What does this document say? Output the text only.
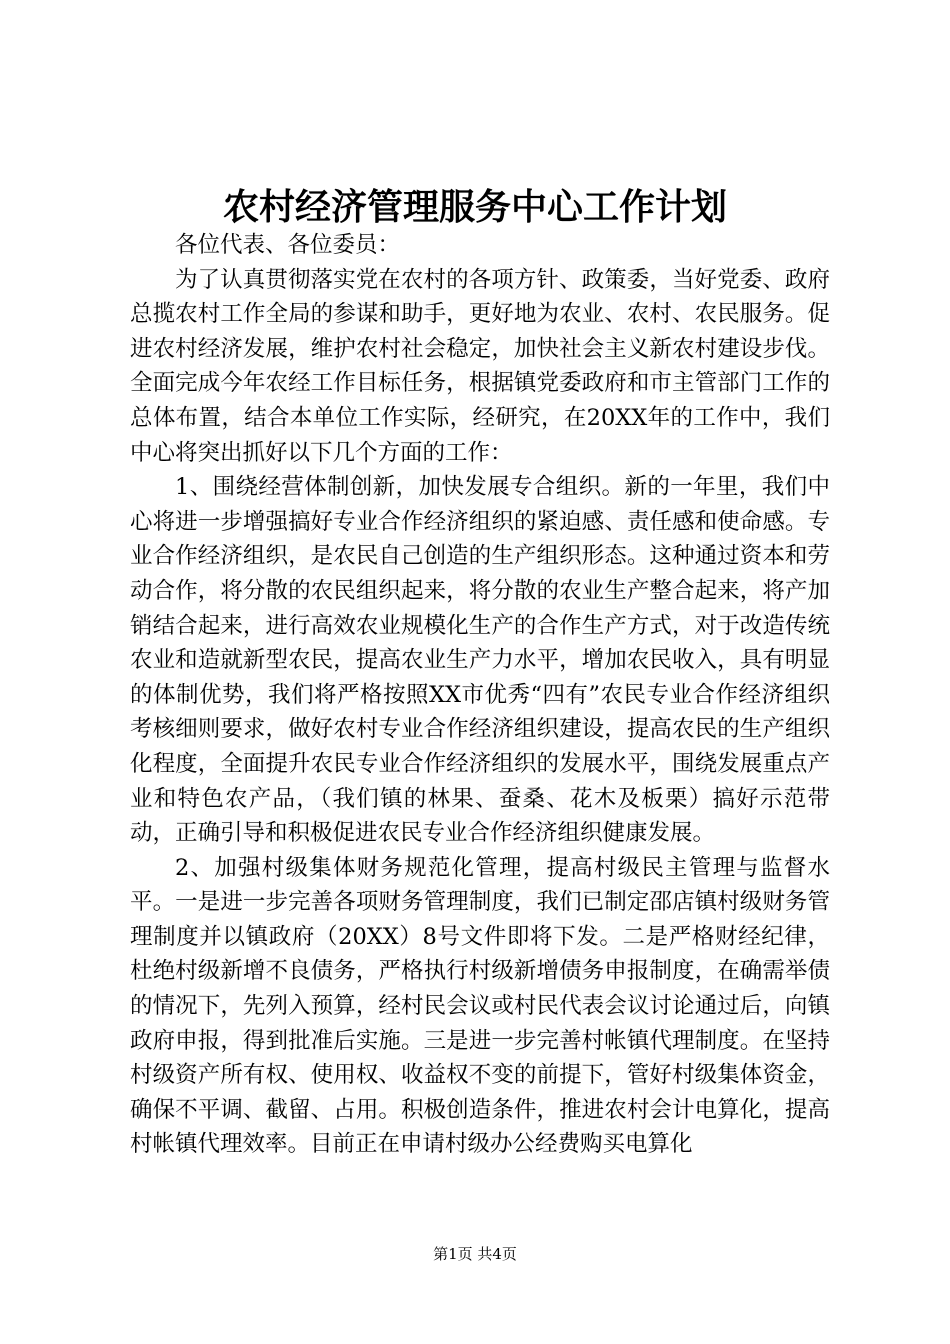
农村经济管理服务中心工作计划

各位代表、各位委员：

为了认真贯彻落实党在农村的各项方针、政策委，当好党委、政府总揽农村工作全局的参谋和助手，更好地为农业、农村、农民服务。促进农村经济发展，维护农村社会稳定，加快社会主义新农村建设步伐。全面完成今年农经工作目标任务，根据镇党委政府和市主管部门工作的总体布置，结合本单位工作实际，经研究，在20XX年的工作中，我们中心将突出抓好以下几个方面的工作：

1、围绕经营体制创新，加快发展专合组织。新的一年里，我们中心将进一步增强搞好专业合作经济组织的紧迫感、责任感和使命感。专业合作经济组织，是农民自己创造的生产组织形态。这种通过资本和劳动合作，将分散的农民组织起来，将分散的农业生产整合起来，将产加销结合起来，进行高效农业规模化生产的合作生产方式，对于改造传统农业和造就新型农民，提高农业生产力水平，增加农民收入，具有明显的体制优势，我们将严格按照XX市优秀“四有”农民专业合作经济组织考核细则要求，做好农村专业合作经济组织建设，提高农民的生产组织化程度，全面提升农民专业合作经济组织的发展水平，围绕发展重点产业和特色农产品，（我们镇的林果、蚕桑、花木及板栗）搞好示范带动，正确引导和积极促进农民专业合作经济组织健康发展。

2、加强村级集体财务规范化管理，提高村级民主管理与监督水平。一是进一步完善各项财务管理制度，我们已制定邵店镇村级财务管理制度并以镇政府（20XX）8号文件即将下发。二是严格财经纪律，杜绝村级新增不良债务，严格执行村级新增债务申报制度，在确需举债的情况下，先列入预算，经村民会议或村民代表会议讨论通过后，向镇政府申报，得到批准后实施。三是进一步完善村帐镇代理制度。在坚持村级资产所有权、使用权、收益权不变的前提下，管好村级集体资金，确保不平调、截留、占用。积极创造条件，推进农村会计电算化，提高村帐镇代理效率。目前正在申请村级办公经费购买电算化

第1页 共4页
